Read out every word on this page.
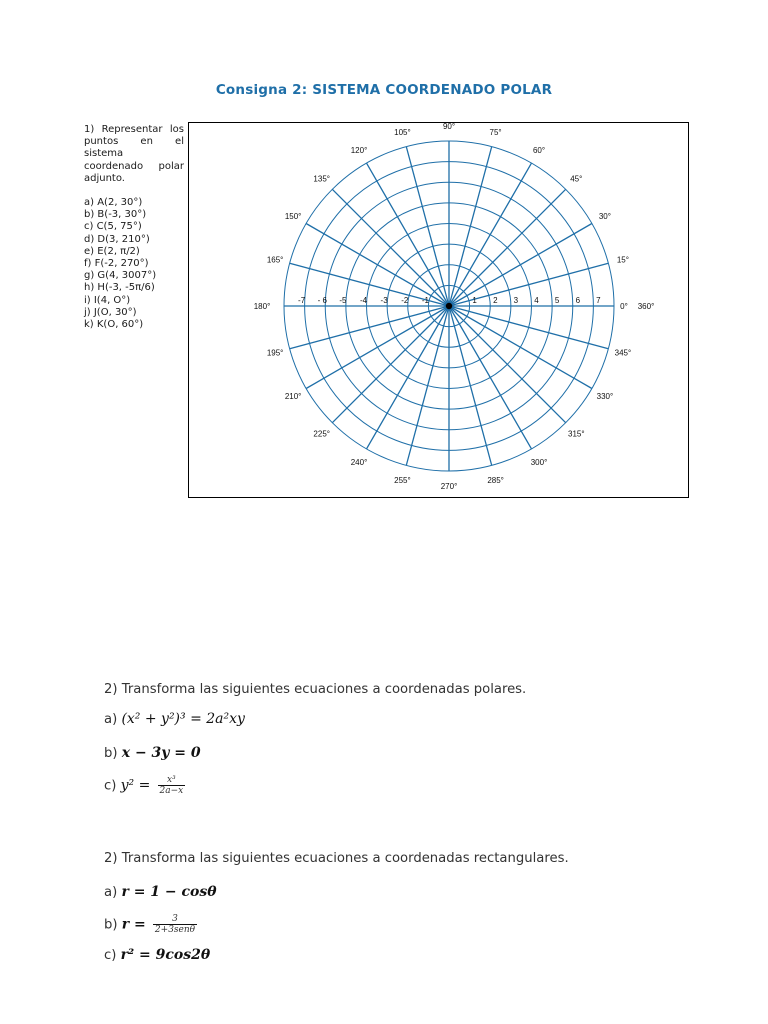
Consigna 2: SISTEMA COORDENADO POLAR

1) Representar los puntos en el sistema coordenado polar adjunto.

a) A(2, 30°)
b) B(-3, 30°)
c) C(5, 75°)
d) D(3, 210°)
e) E(2, π/2)
f) F(-2, 270°)
g) G(4, 3007°)
h) H(-3, -5π/6)
i) I(4, O°)
j) J(O, 30°)
k) K(O, 60°)
0°
15°
30°
45°
60°
75°
90°
105°
120°
135°
150°
165°
180°
195°
210°
225°
240°
255°
270°
285°
300°
315°
330°
345°
360°
-7 - 6 -5 -4 -3 -2 -1	1 2 3 4 5 6 7
2) Transforma las siguientes ecuaciones a coordenadas polares.
a) (x² + y²)³ = 2a²xy
b) x − 3y = 0
c) $y^2 = \frac{\text{x³}}{2a-x}$
2) Transforma las siguientes ecuaciones a coordenadas rectangulares.
a) r = 1 − cosθ
b) $r = \frac{3}{\text{2+3senθ}}$
c) r² = 9cos2θ
